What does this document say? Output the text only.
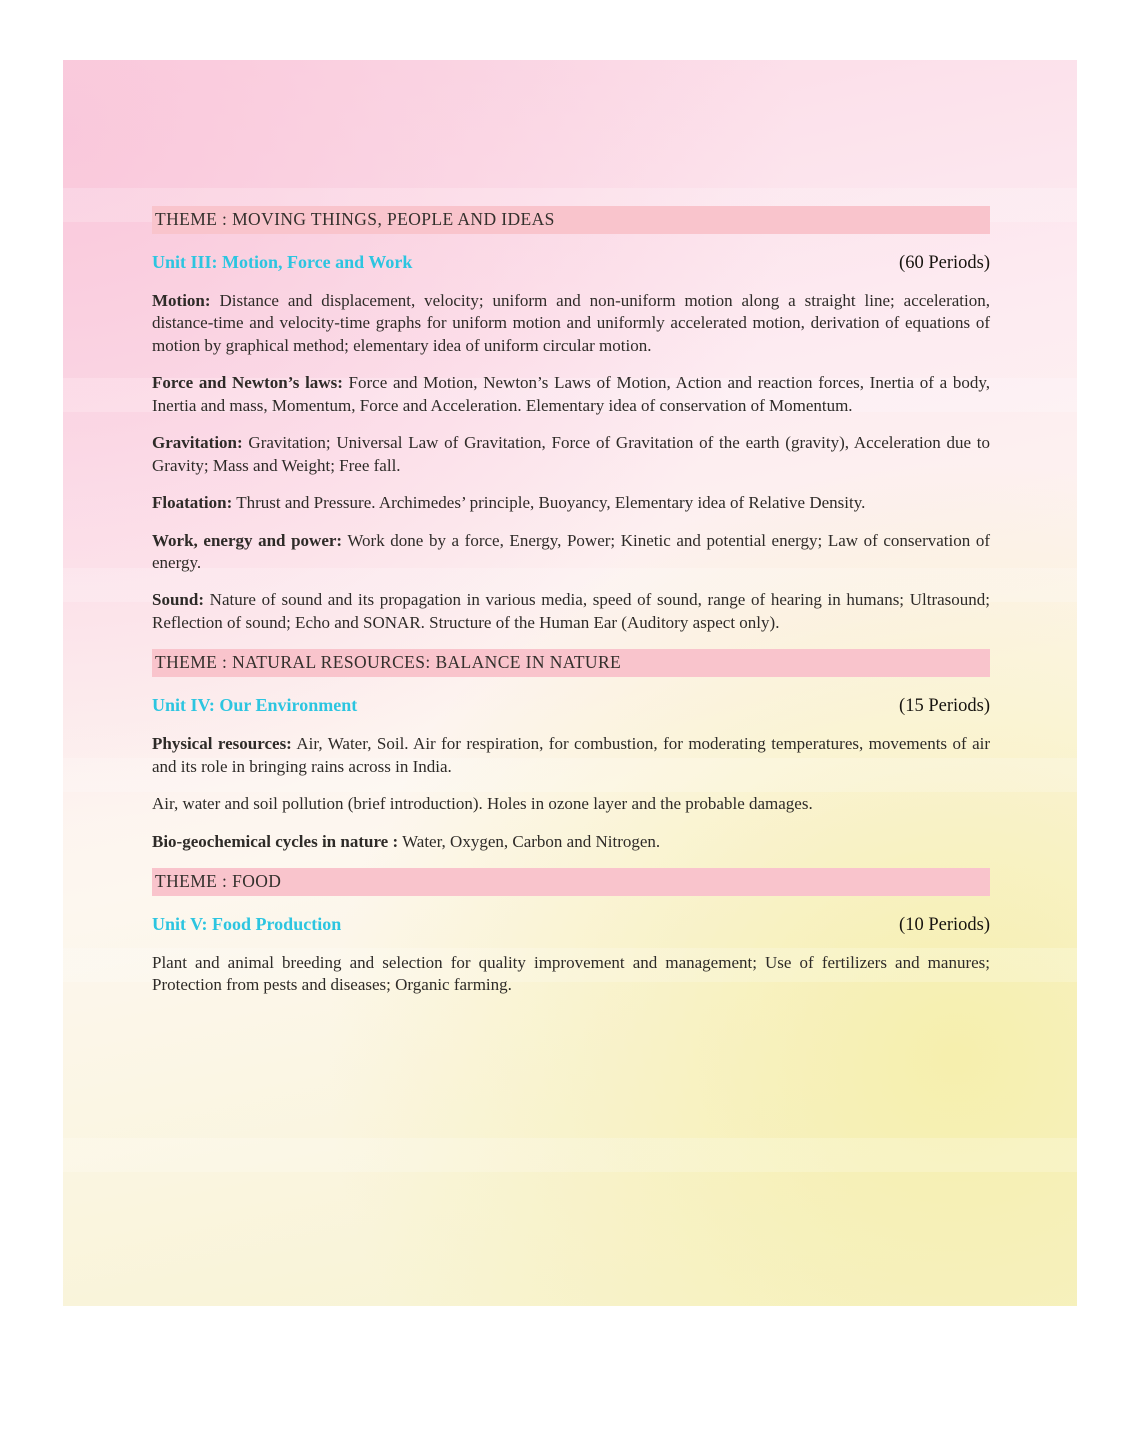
THEME : MOVING THINGS, PEOPLE AND IDEAS
Unit III: Motion, Force and Work	(60 Periods)

Motion: Distance and displacement, velocity; uniform and non-uniform motion along a straight line; acceleration, distance-time and velocity-time graphs for uniform motion and uniformly accelerated motion, derivation of equations of motion by graphical method; elementary idea of uniform circular motion.

Force and Newton’s laws: Force and Motion, Newton’s Laws of Motion, Action and reaction forces, Inertia of a body, Inertia and mass, Momentum, Force and Acceleration. Elementary idea of conservation of Momentum.

Gravitation: Gravitation; Universal Law of Gravitation, Force of Gravitation of the earth (gravity), Acceleration due to Gravity; Mass and Weight; Free fall.

Floatation: Thrust and Pressure. Archimedes’ principle, Buoyancy, Elementary idea of Relative Density.

Work, energy and power: Work done by a force, Energy, Power; Kinetic and potential energy; Law of conservation of energy.

Sound: Nature of sound and its propagation in various media, speed of sound, range of hearing in humans; Ultrasound; Reflection of sound; Echo and SONAR. Structure of the Human Ear (Auditory aspect only).

THEME : NATURAL RESOURCES: BALANCE IN NATURE
Unit IV: Our Environment	(15 Periods)

Physical resources: Air, Water, Soil. Air for respiration, for combustion, for moderating temperatures, movements of air and its role in bringing rains across in India.

Air, water and soil pollution (brief introduction). Holes in ozone layer and the probable damages.

Bio-geochemical cycles in nature : Water, Oxygen, Carbon and Nitrogen.

THEME : FOOD
Unit V: Food Production	(10 Periods)

Plant and animal breeding and selection for quality improvement and management; Use of fertilizers and manures; Protection from pests and diseases; Organic farming.
